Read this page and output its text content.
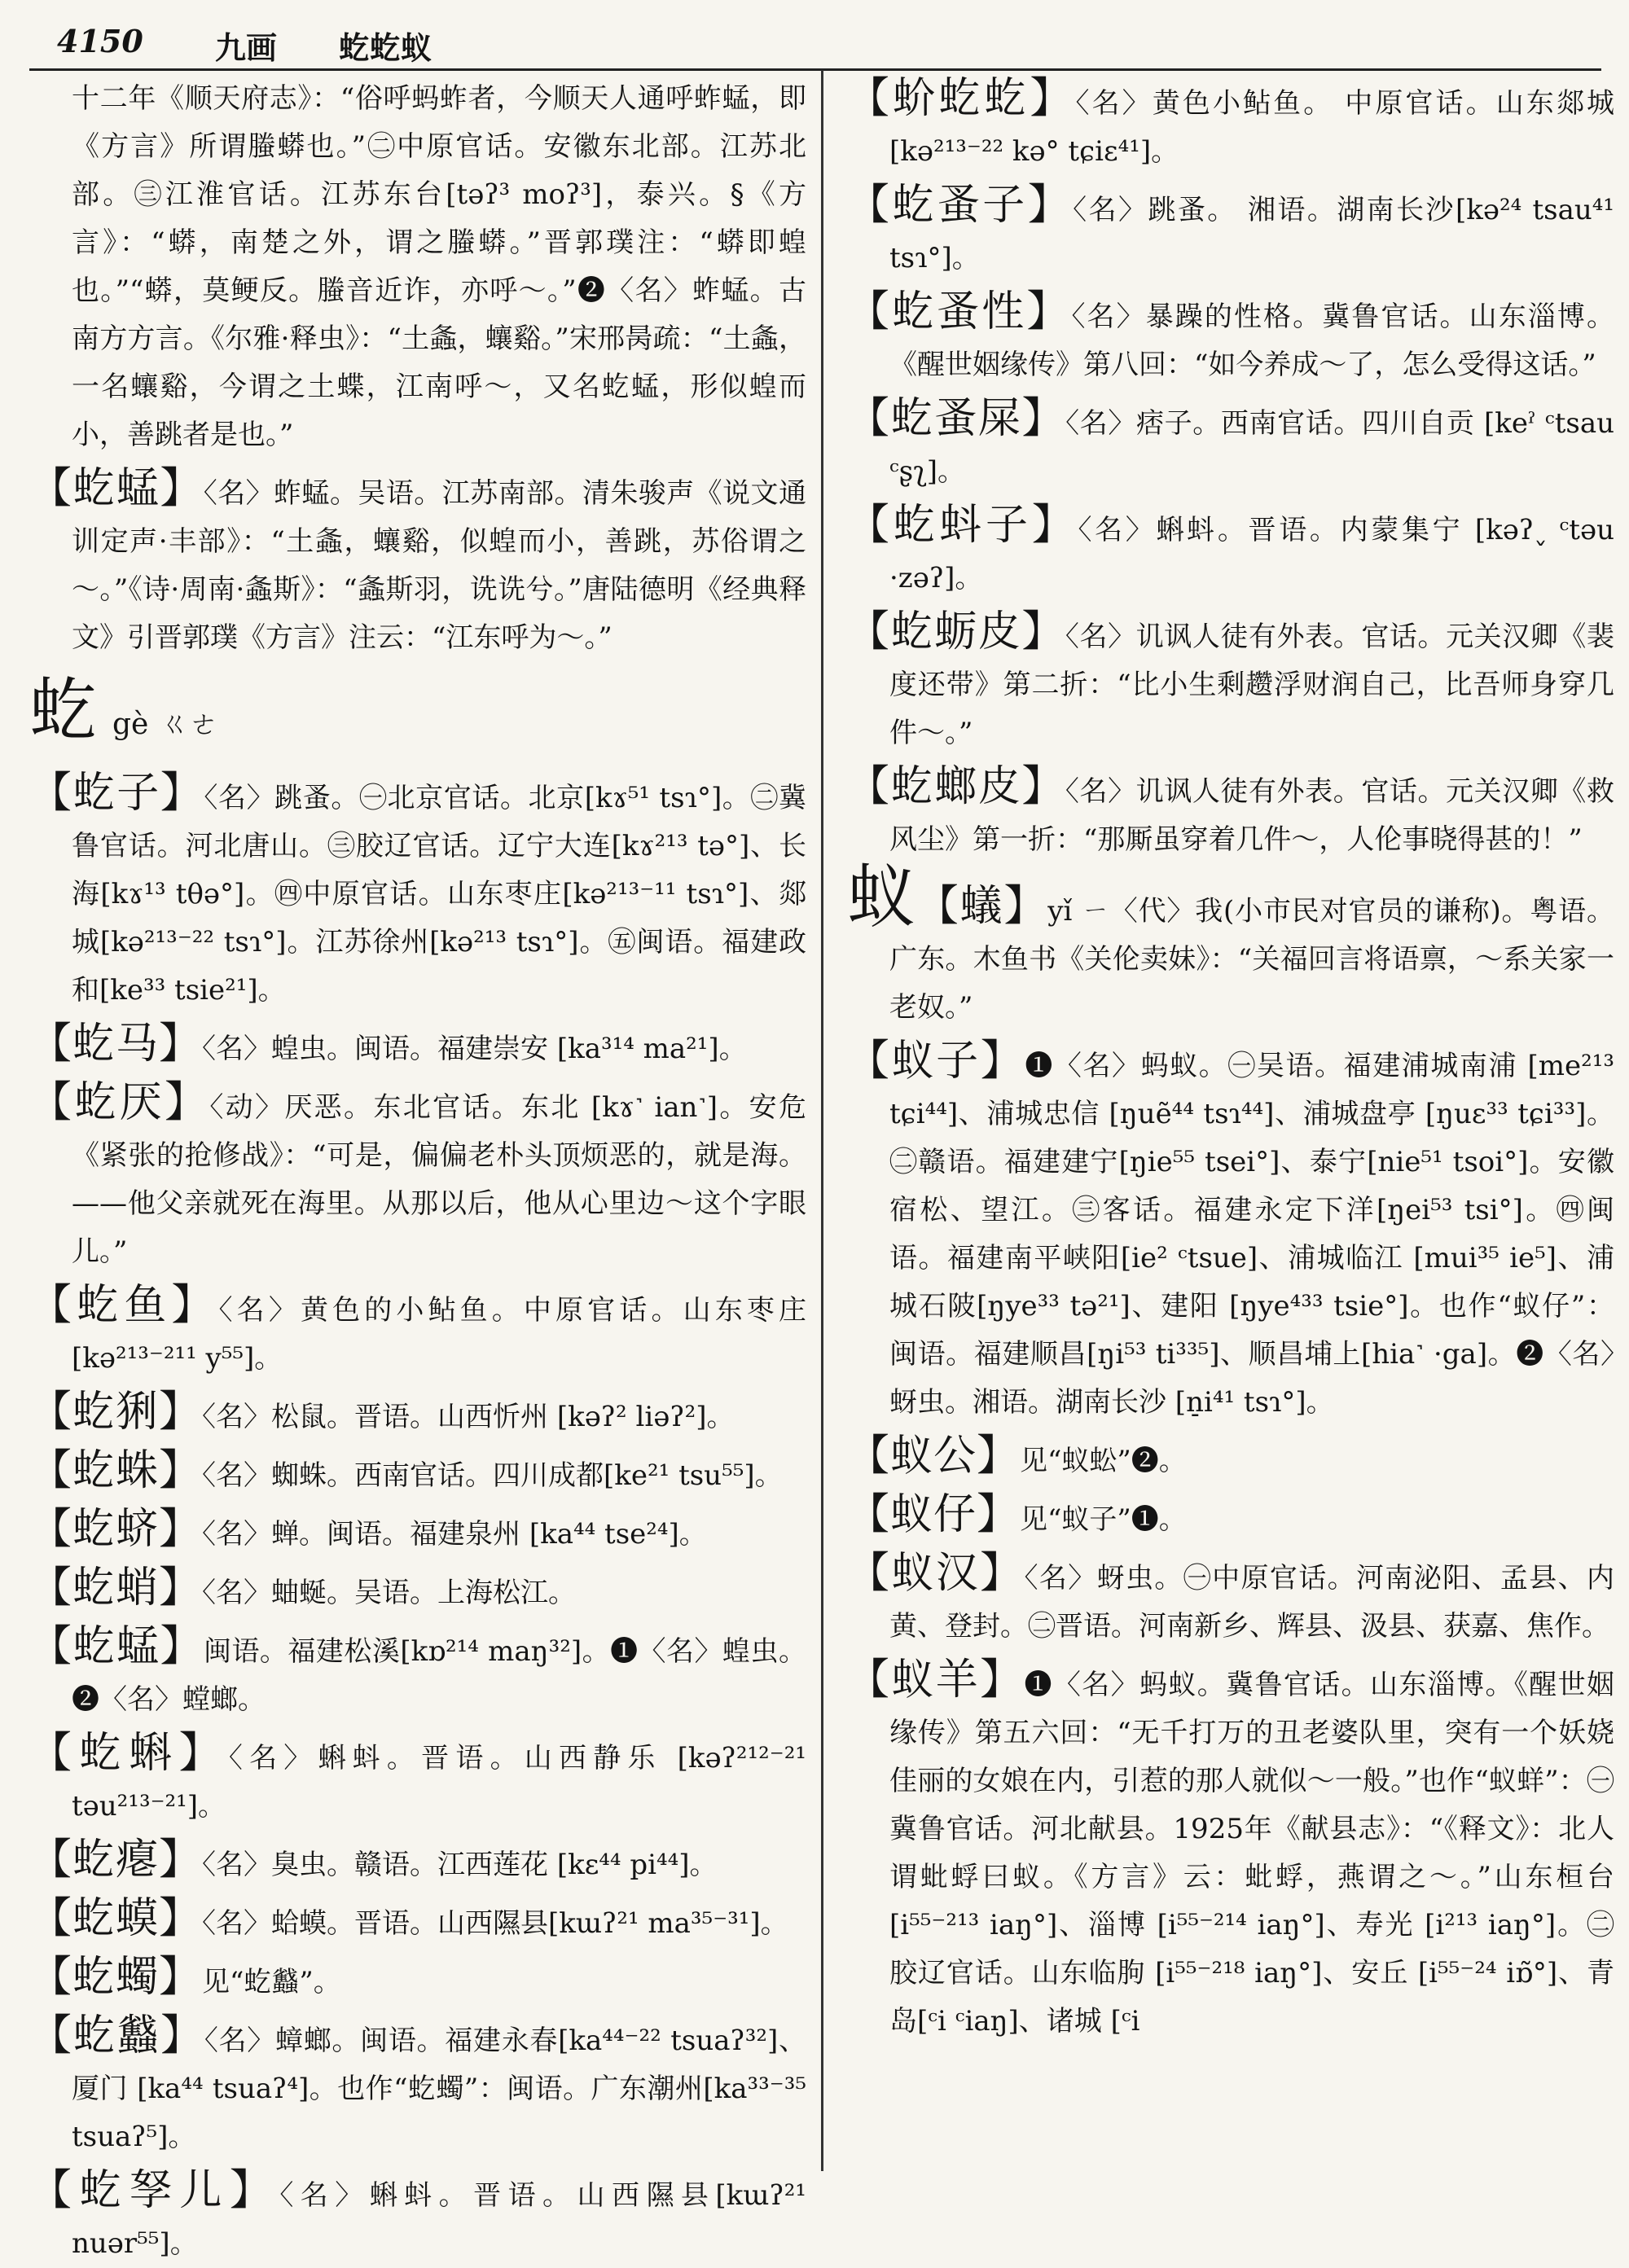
4150 九画 虼虼蚁

十二年《顺天府志》：“俗呼蚂蚱者，今顺天人通呼蚱蜢，即《方言》所谓螣蟒也。”㊁中原官话。安徽东北部。江苏北部。㊂江淮官话。江苏东台[təʔ³ moʔ³]，泰兴。§《方言》：“蟒，南楚之外，谓之螣蟒。”晋郭璞注：“蟒即蝗也。”“蟒，莫鲠反。螣音近诈，亦呼～。”❷〈名〉蚱蜢。古南方方言。《尔雅·释虫》：“土螽，蠰谿。”宋邢昺疏：“土螽，一名蠰谿，今谓之土蝶，江南呼～，又名虼蜢，形似蝗而小，善跳者是也。”

【虼蜢】〈名〉蚱蜢。吴语。江苏南部。清朱骏声《说文通训定声·丰部》：“土螽，蠰谿，似蝗而小，善跳，苏俗谓之～。”《诗·周南·螽斯》：“螽斯羽，诜诜兮。”唐陆德明《经典释文》引晋郭璞《方言》注云：“江东呼为～。”

虼gè ㄍㄜ

【虼子】〈名〉跳蚤。㊀北京官话。北京[kɤ⁵¹ tsɿ°]。㊁冀鲁官话。河北唐山。㊂胶辽官话。辽宁大连[kɤ²¹³ tə°]、长海[kɤ¹³ tθə°]。㊃中原官话。山东枣庄[kə²¹³⁻¹¹ tsɿ°]、郯城[kə²¹³⁻²² tsɿ°]。江苏徐州[kə²¹³ tsɿ°]。㊄闽语。福建政和[ke³³ tsie²¹]。

【虼马】〈名〉蝗虫。闽语。福建崇安 [ka³¹⁴ ma²¹]。

【虼厌】〈动〉厌恶。东北官话。东北 [kɤ˺ ian˺]。安危《紧张的抢修战》：“可是，偏偏老朴头顶烦恶的，就是海。——他父亲就死在海里。从那以后，他从心里边～这个字眼儿。”

【虼鱼】〈名〉黄色的小鲇鱼。中原官话。山东枣庄[kə²¹³⁻²¹¹ y⁵⁵]。

【虼猁】〈名〉松鼠。晋语。山西忻州 [kəʔ² liəʔ²]。

【虼蛛】〈名〉蜘蛛。西南官话。四川成都[ke²¹ tsu⁵⁵]。

【虼蛴】〈名〉蝉。闽语。福建泉州 [ka⁴⁴ tse²⁴]。

【虼蛸】〈名〉蚰蜒。吴语。上海松江。

【虼蜢】闽语。福建松溪[kɒ²¹⁴ maŋ³²]。❶〈名〉蝗虫。❷〈名〉螳螂。

【虼蝌】〈名〉蝌蚪。晋语。山西静乐 [kəʔ²¹²⁻²¹ təu²¹³⁻²¹]。

【虼瘪】〈名〉臭虫。赣语。江西莲花 [kɛ⁴⁴ pi⁴⁴]。

【虼蟆】〈名〉蛤蟆。晋语。山西隰县[kɯʔ²¹ ma³⁵⁻³¹]。

【虼蠋】见“虼蠽”。

【虼蠽】〈名〉蟑螂。闽语。福建永春[ka⁴⁴⁻²² tsuaʔ³²]、厦门 [ka⁴⁴ tsuaʔ⁴]。也作“虼蠋”：闽语。广东潮州[ka³³⁻³⁵ tsuaʔ⁵]。

【虼孥儿】〈名〉蝌蚪。晋语。山西隰县[kɯʔ²¹ nuər⁵⁵]。

【蚧虼虼】〈名〉黄色小鲇鱼。 中原官话。山东郯城[kə²¹³⁻²² kə° tɕiɛ⁴¹]。

【虼蚤子】〈名〉跳蚤。 湘语。湖南长沙[kə²⁴ tsau⁴¹ tsɿ°]。

【虼蚤性】〈名〉暴躁的性格。冀鲁官话。山东淄博。《醒世姻缘传》第八回：“如今养成～了，怎么受得这话。”

【虼蚤屎】〈名〉痞子。西南官话。四川自贡 [keˀ ᶜtsau ᶜʂʅ]。

【虼蚪子】〈名〉蝌蚪。晋语。内蒙集宁 [kəʔ˯ ᶜtəu ·zəʔ]。

【虼蛎皮】〈名〉讥讽人徒有外表。官话。元关汉卿《裴度还带》第二折：“比小生剩趱浮财润自己，比吾师身穿几件～。”

【虼螂皮】〈名〉讥讽人徒有外表。官话。元关汉卿《救风尘》第一折：“那厮虽穿着几件～，人伦事晓得甚的！”

蚁【蟻】yǐ ㄧ〈代〉我(小市民对官员的谦称)。粤语。广东。木鱼书《关伦卖妹》：“关福回言将语禀，～系关家一老奴。”

【蚁子】❶〈名〉蚂蚁。㊀吴语。福建浦城南浦 [me²¹³ tɕi⁴⁴]、浦城忠信 [ŋuẽ⁴⁴ tsɿ⁴⁴]、浦城盘亭 [ŋuɛ³³ tɕi³³]。㊁赣语。福建建宁[ŋie⁵⁵ tsei°]、泰宁[nie⁵¹ tsoi°]。安徽宿松、望江。㊂客话。福建永定下洋[ŋei⁵³ tsi°]。㊃闽语。福建南平峡阳[ie² ᶜtsue]、浦城临江 [mui³⁵ ie⁵]、浦城石陂[ŋye³³ tə²¹]、建阳 [ŋye⁴³³ tsie°]。也作“蚁仔”：闽语。福建顺昌[ŋi⁵³ ti³³⁵]、顺昌埔上[hia˺ ·ga]。❷〈名〉蚜虫。湘语。湖南长沙 [n̠i⁴¹ tsɿ°]。

【蚁公】见“蚁蚣”❷。

【蚁仔】见“蚁子”❶。

【蚁汉】〈名〉蚜虫。㊀中原官话。河南泌阳、孟县、内黄、登封。㊁晋语。河南新乡、辉县、汲县、获嘉、焦作。

【蚁羊】❶〈名〉蚂蚁。冀鲁官话。山东淄博。《醒世姻缘传》第五六回：“无千打万的丑老婆队里，突有一个妖娆佳丽的女娘在内，引惹的那人就似～一般。”也作“蚁蛘”：㊀冀鲁官话。河北献县。1925年《献县志》：“《释文》：北人谓蚍蜉曰蚁。《方言》云：蚍蜉，燕谓之～。”山东桓台 [i⁵⁵⁻²¹³ iaŋ°]、淄博 [i⁵⁵⁻²¹⁴ iaŋ°]、寿光 [i²¹³ iaŋ°]。㊁胶辽官话。山东临朐 [i⁵⁵⁻²¹⁸ iaŋ°]、安丘 [i⁵⁵⁻²⁴ iɒ̃°]、青岛[ᶜi ᶜiaŋ]、诸城 [ᶜi
